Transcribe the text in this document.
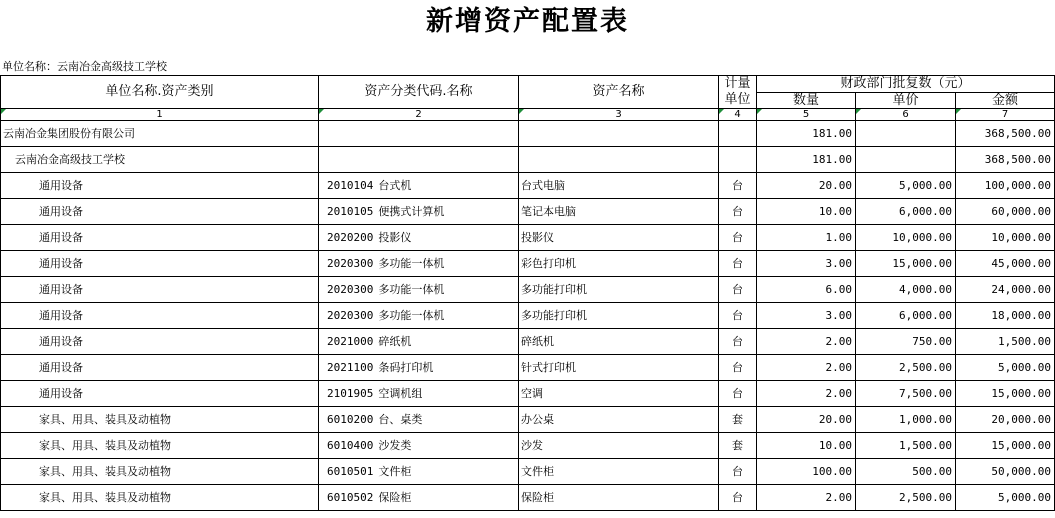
新增资产配置表
单位名称：云南冶金高级技工学校
单位名称.资产类别	资产分类代码.名称	资产名称	计量单位	财政部门批复数（元）		
				数量	单价	金额
1	2	3	4	5	6	7
云南冶金集团股份有限公司				181.00		368,500.00
云南冶金高级技工学校				181.00		368,500.00
通用设备	2010104 台式机	台式电脑	台	20.00	5,000.00	100,000.00
通用设备	2010105 便携式计算机	笔记本电脑	台	10.00	6,000.00	60,000.00
通用设备	2020200 投影仪	投影仪	台	1.00	10,000.00	10,000.00
通用设备	2020300 多功能一体机	彩色打印机	台	3.00	15,000.00	45,000.00
通用设备	2020300 多功能一体机	多功能打印机	台	6.00	4,000.00	24,000.00
通用设备	2020300 多功能一体机	多功能打印机	台	3.00	6,000.00	18,000.00
通用设备	2021000 碎纸机	碎纸机	台	2.00	750.00	1,500.00
通用设备	2021100 条码打印机	针式打印机	台	2.00	2,500.00	5,000.00
通用设备	2101905 空调机组	空调	台	2.00	7,500.00	15,000.00
家具、用具、装具及动植物	6010200 台、桌类	办公桌	套	20.00	1,000.00	20,000.00
家具、用具、装具及动植物	6010400 沙发类	沙发	套	10.00	1,500.00	15,000.00
家具、用具、装具及动植物	6010501 文件柜	文件柜	台	100.00	500.00	50,000.00
家具、用具、装具及动植物	6010502 保险柜	保险柜	台	2.00	2,500.00	5,000.00
